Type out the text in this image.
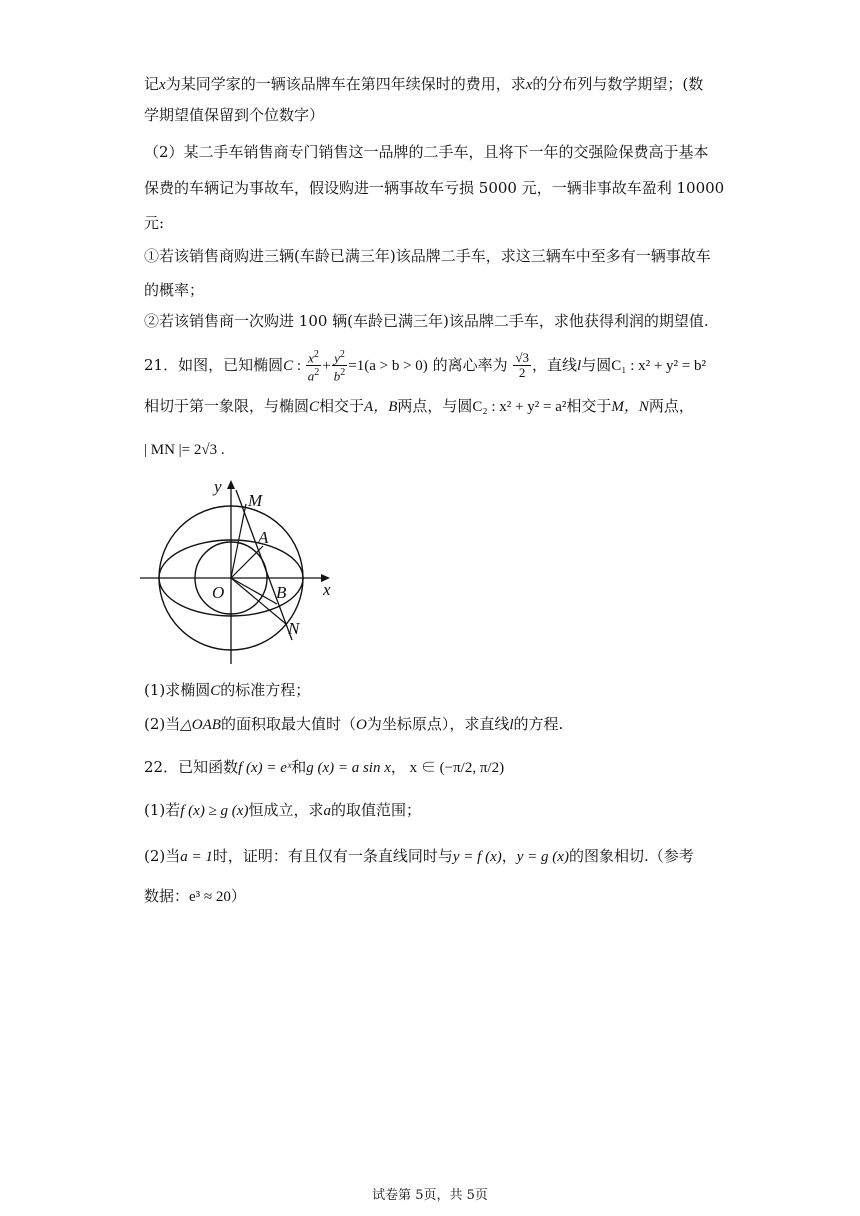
记x为某同学家的一辆该品牌车在第四年续保时的费用，求x的分布列与数学期望；(数
学期望值保留到个位数字）
（2）某二手车销售商专门销售这一品牌的二手车，且将下一年的交强险保费高于基本
保费的车辆记为事故车，假设购进一辆事故车亏损 5000 元，一辆非事故车盈利 10000
元:
①若该销售商购进三辆(车龄已满三年)该品牌二手车，求这三辆车中至多有一辆事故车
的概率；
②若该销售商一次购进 100 辆(车龄已满三年)该品牌二手车，求他获得利润的期望值.
21．如图，已知椭圆C : $\frac{x^2}{a^2} + \frac{y^2}{b^2} =1(a > b > 0)$ 的离心率为 $\frac{√3}{2}$ ，直线l与圆C₁ : x² + y² = b²
相切于第一象限，与椭圆C相交于A，B两点，与圆C₂ : x² + y² = a²相交于M，N两点，
| MN |= 2√3 .
y
x
M
A
O	B
N
(1)求椭圆C的标准方程；
(2)当△OAB的面积取最大值时（O为坐标原点），求直线l的方程.
22．已知函数f (x) = eˣ和g (x) = a sin x， x ∈ (−π/2, π/2)
(1)若f (x) ≥ g (x)恒成立，求a的取值范围；
(2)当a = 1时，证明：有且仅有一条直线同时与y = f (x)，y = g (x)的图象相切.（参考
数据：e³ ≈ 20）
试卷第 5页，共 5页
